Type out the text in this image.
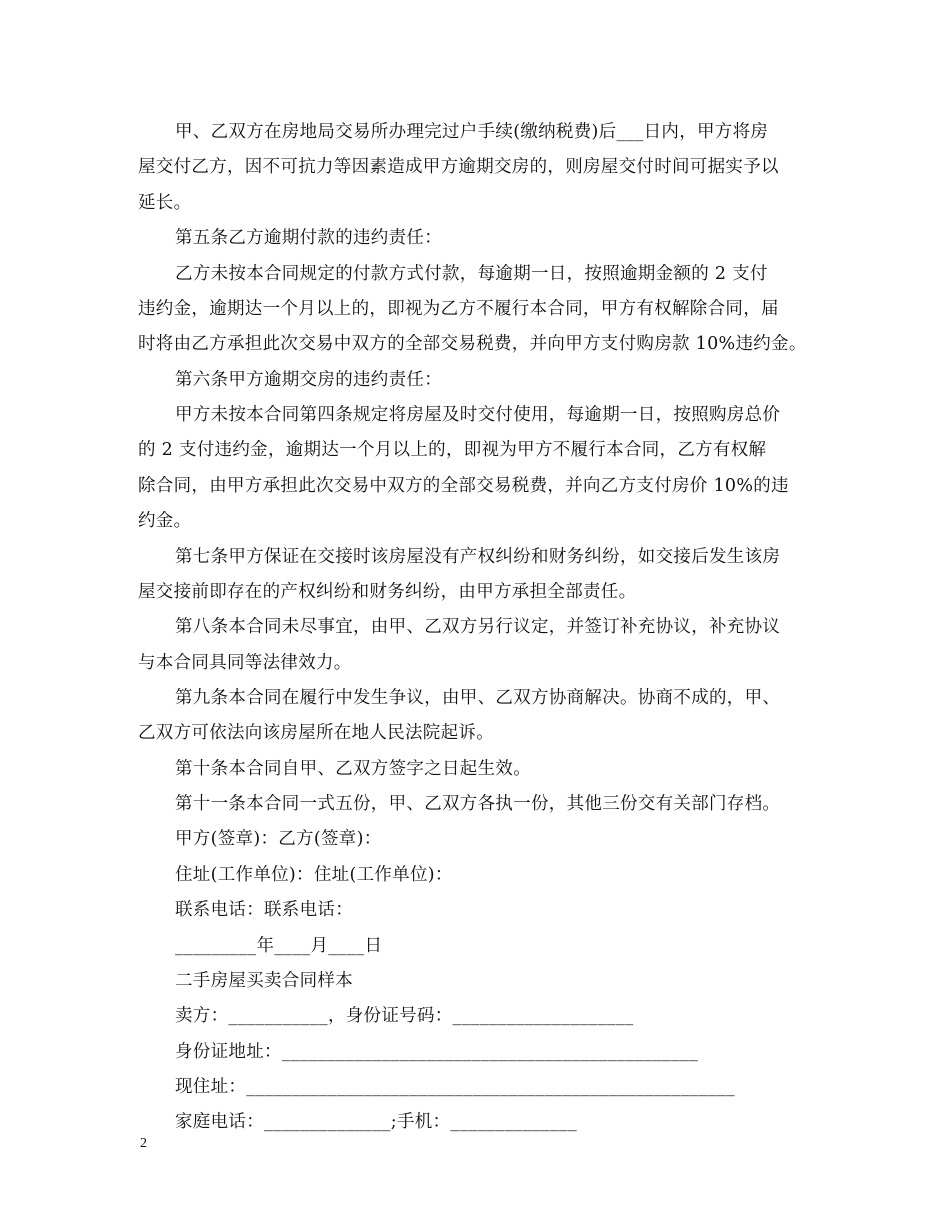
甲、乙双方在房地局交易所办理完过户手续(缴纳税费)后___日内，甲方将房
屋交付乙方，因不可抗力等因素造成甲方逾期交房的，则房屋交付时间可据实予以
延长。
第五条乙方逾期付款的违约责任：
乙方未按本合同规定的付款方式付款，每逾期一日，按照逾期金额的 2 支付
违约金，逾期达一个月以上的，即视为乙方不履行本合同，甲方有权解除合同，届
时将由乙方承担此次交易中双方的全部交易税费，并向甲方支付购房款 10%违约金。
第六条甲方逾期交房的违约责任：
甲方未按本合同第四条规定将房屋及时交付使用，每逾期一日，按照购房总价
的 2 支付违约金，逾期达一个月以上的，即视为甲方不履行本合同，乙方有权解
除合同，由甲方承担此次交易中双方的全部交易税费，并向乙方支付房价 10%的违
约金。
第七条甲方保证在交接时该房屋没有产权纠纷和财务纠纷，如交接后发生该房
屋交接前即存在的产权纠纷和财务纠纷，由甲方承担全部责任。
第八条本合同未尽事宜，由甲、乙双方另行议定，并签订补充协议，补充协议
与本合同具同等法律效力。
第九条本合同在履行中发生争议，由甲、乙双方协商解决。协商不成的，甲、
乙双方可依法向该房屋所在地人民法院起诉。
第十条本合同自甲、乙双方签字之日起生效。
第十一条本合同一式五份，甲、乙双方各执一份，其他三份交有关部门存档。
甲方(签章)：乙方(签章)：
住址(工作单位)：住址(工作单位)：
联系电话：联系电话：
_________年____月____日
二手房屋买卖合同样本
卖方：___________，身份证号码：____________________
身份证地址：______________________________________________
现住址：______________________________________________________
家庭电话：______________;手机：______________
2
